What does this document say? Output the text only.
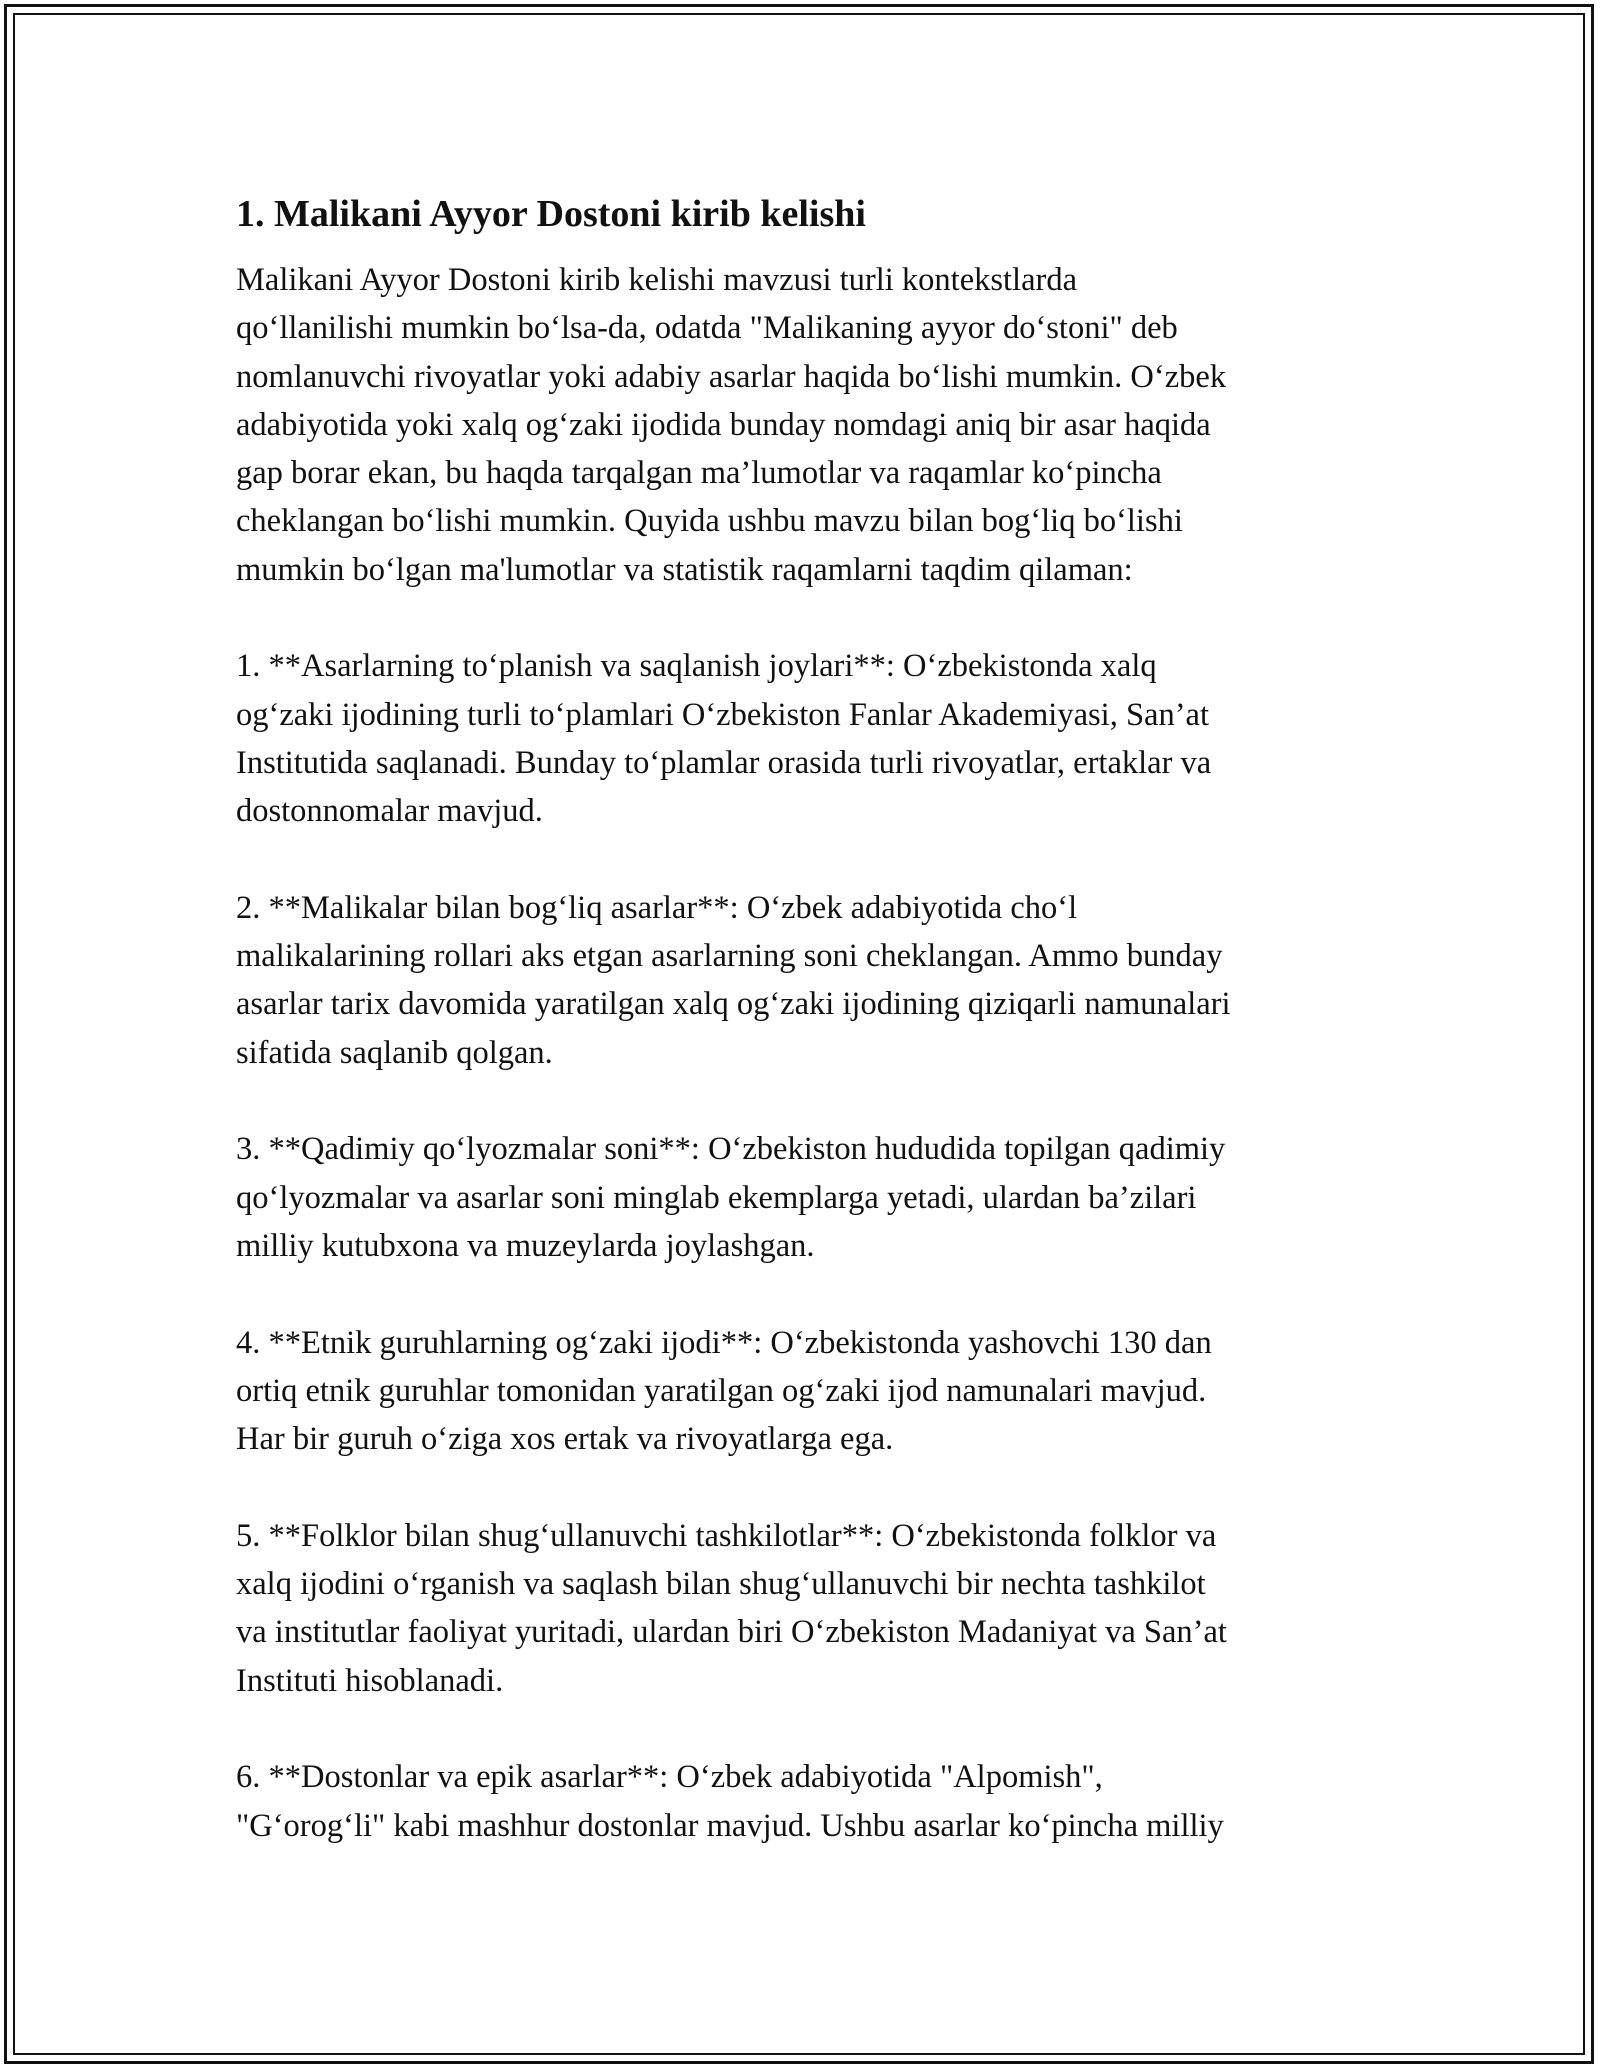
1. Malikani Ayyor Dostoni kirib kelishi

Malikani Ayyor Dostoni kirib kelishi mavzusi turli kontekstlarda
qo‘llanilishi mumkin bo‘lsa-da, odatda "Malikaning ayyor do‘stoni" deb
nomlanuvchi rivoyatlar yoki adabiy asarlar haqida bo‘lishi mumkin. O‘zbek
adabiyotida yoki xalq og‘zaki ijodida bunday nomdagi aniq bir asar haqida
gap borar ekan, bu haqda tarqalgan ma’lumotlar va raqamlar ko‘pincha
cheklangan bo‘lishi mumkin. Quyida ushbu mavzu bilan bog‘liq bo‘lishi
mumkin bo‘lgan ma'lumotlar va statistik raqamlarni taqdim qilaman:

1. **Asarlarning to‘planish va saqlanish joylari**: O‘zbekistonda xalq
og‘zaki ijodining turli to‘plamlari O‘zbekiston Fanlar Akademiyasi, San’at
Institutida saqlanadi. Bunday to‘plamlar orasida turli rivoyatlar, ertaklar va
dostonnomalar mavjud.

2. **Malikalar bilan bog‘liq asarlar**: O‘zbek adabiyotida cho‘l
malikalarining rollari aks etgan asarlarning soni cheklangan. Ammo bunday
asarlar tarix davomida yaratilgan xalq og‘zaki ijodining qiziqarli namunalari
sifatida saqlanib qolgan.

3. **Qadimiy qo‘lyozmalar soni**: O‘zbekiston hududida topilgan qadimiy
qo‘lyozmalar va asarlar soni minglab ekemplarga yetadi, ulardan ba’zilari
milliy kutubxona va muzeylarda joylashgan.

4. **Etnik guruhlarning og‘zaki ijodi**: O‘zbekistonda yashovchi 130 dan
ortiq etnik guruhlar tomonidan yaratilgan og‘zaki ijod namunalari mavjud.
Har bir guruh o‘ziga xos ertak va rivoyatlarga ega.

5. **Folklor bilan shug‘ullanuvchi tashkilotlar**: O‘zbekistonda folklor va
xalq ijodini o‘rganish va saqlash bilan shug‘ullanuvchi bir nechta tashkilot
va institutlar faoliyat yuritadi, ulardan biri O‘zbekiston Madaniyat va San’at
Instituti hisoblanadi.

6. **Dostonlar va epik asarlar**: O‘zbek adabiyotida "Alpomish",
"G‘orog‘li" kabi mashhur dostonlar mavjud. Ushbu asarlar ko‘pincha milliy
